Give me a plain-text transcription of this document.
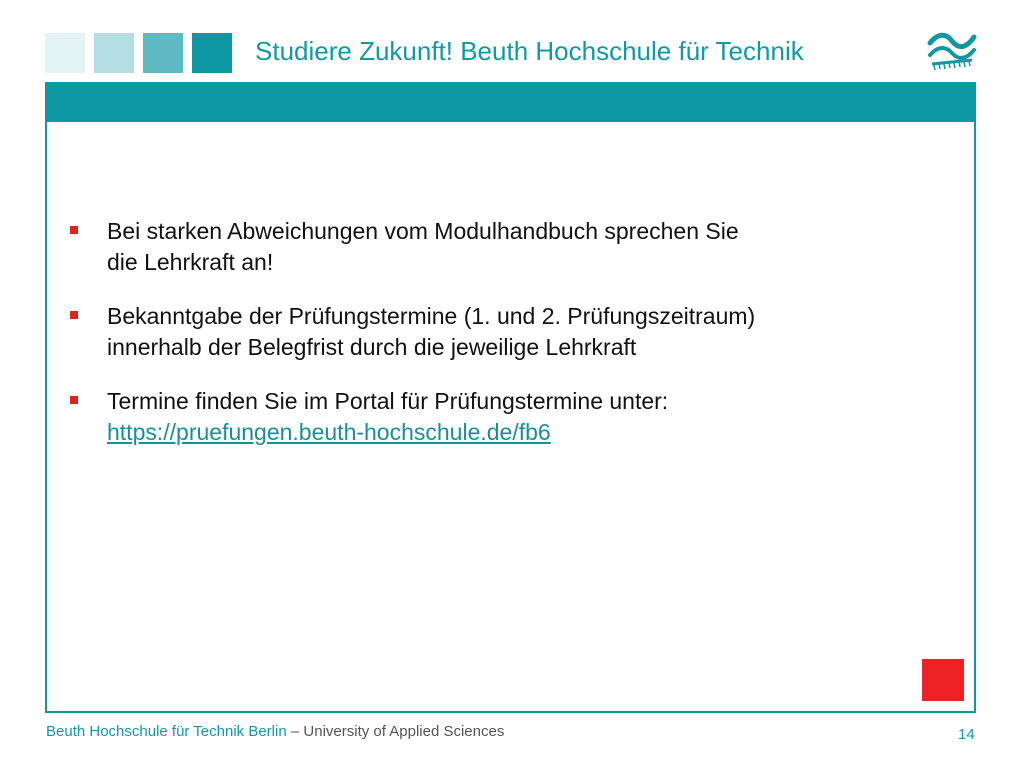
Studiere Zukunft! Beuth Hochschule für Technik
Bei starken Abweichungen vom Modulhandbuch sprechen Sie
die Lehrkraft an!
Bekanntgabe der Prüfungstermine (1. und 2. Prüfungszeitraum)
innerhalb der Belegfrist durch die jeweilige Lehrkraft
Termine finden Sie im Portal für Prüfungstermine unter:
https://pruefungen.beuth-hochschule.de/fb6
Beuth Hochschule für Technik Berlin – University of Applied Sciences	14
